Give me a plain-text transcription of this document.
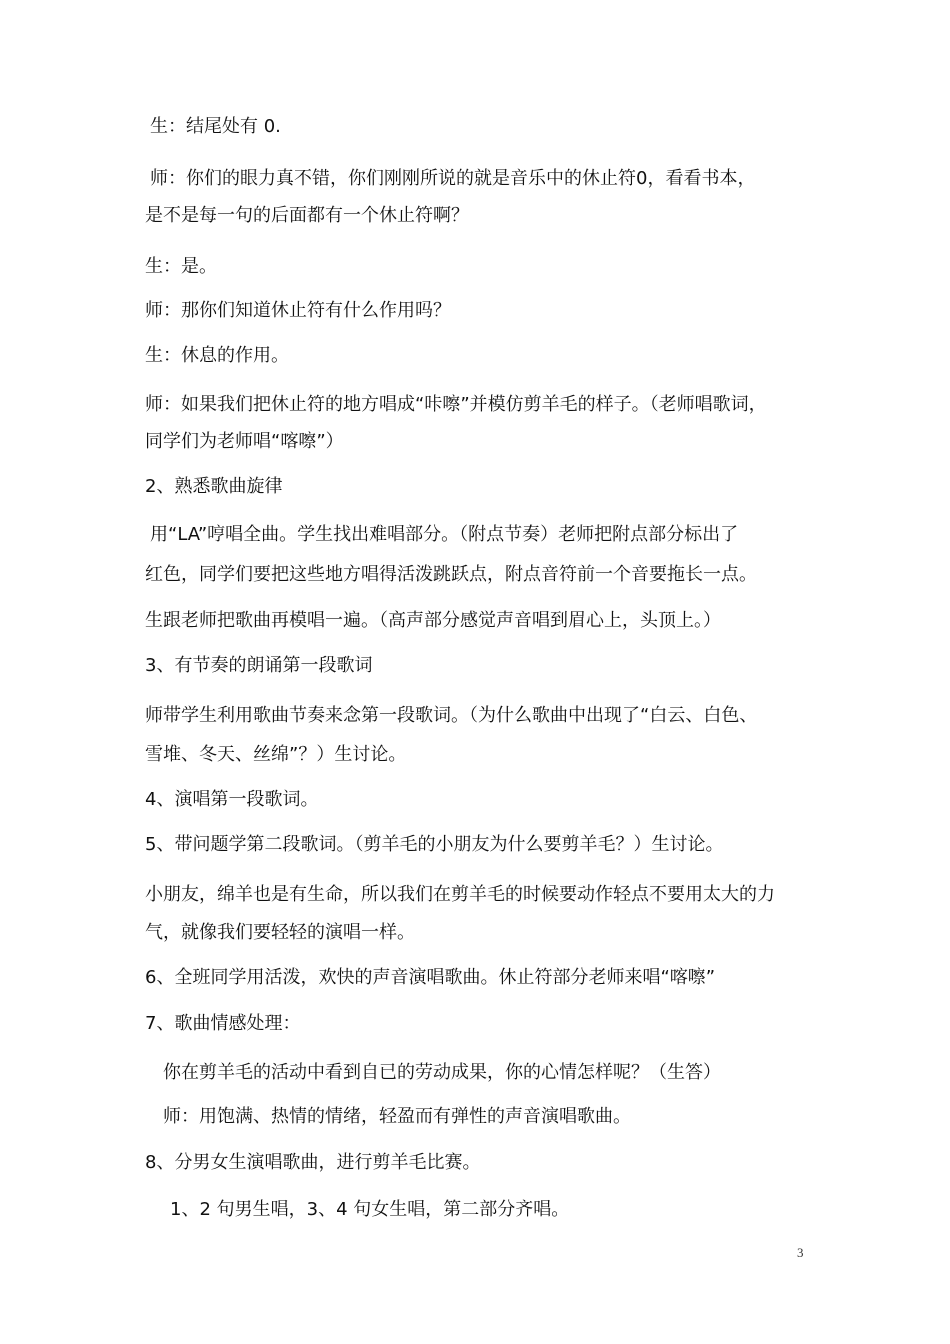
生：结尾处有 0.

师：你们的眼力真不错，你们刚刚所说的就是音乐中的休止符0，看看书本，

是不是每一句的后面都有一个休止符啊？

生：是。

师：那你们知道休止符有什么作用吗？

生：休息的作用。

师：如果我们把休止符的地方唱成“咔嚓”并模仿剪羊毛的样子。（老师唱歌词，

同学们为老师唱“喀嚓”）

2、熟悉歌曲旋律

用“LA”哼唱全曲。学生找出难唱部分。（附点节奏）老师把附点部分标出了

红色，同学们要把这些地方唱得活泼跳跃点，附点音符前一个音要拖长一点。

生跟老师把歌曲再模唱一遍。（高声部分感觉声音唱到眉心上，头顶上。）

3、有节奏的朗诵第一段歌词

师带学生利用歌曲节奏来念第一段歌词。（为什么歌曲中出现了“白云、白色、

雪堆、冬天、丝绵”？）生讨论。

4、演唱第一段歌词。

5、带问题学第二段歌词。（剪羊毛的小朋友为什么要剪羊毛？）生讨论。

小朋友，绵羊也是有生命，所以我们在剪羊毛的时候要动作轻点不要用太大的力

气，就像我们要轻轻的演唱一样。

6、全班同学用活泼，欢快的声音演唱歌曲。休止符部分老师来唱“喀嚓”

7、歌曲情感处理：

你在剪羊毛的活动中看到自已的劳动成果，你的心情怎样呢？（生答）

师：用饱满、热情的情绪，轻盈而有弹性的声音演唱歌曲。

8、分男女生演唱歌曲，进行剪羊毛比赛。

1、2 句男生唱，3、4 句女生唱，第二部分齐唱。

3
